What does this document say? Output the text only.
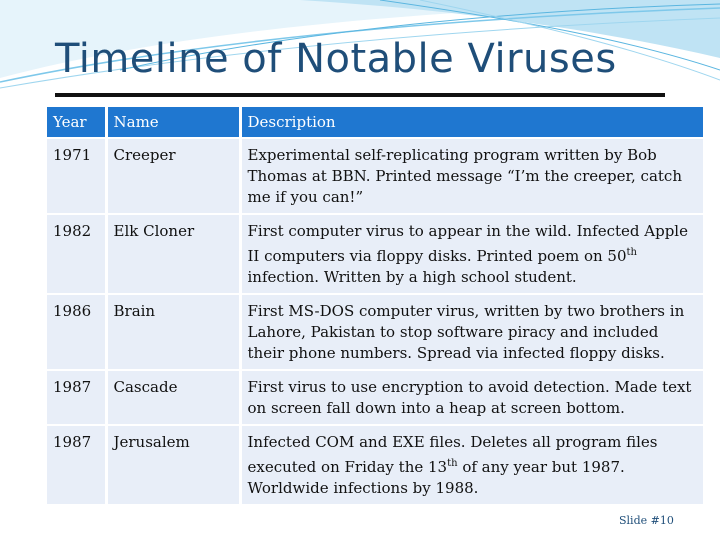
Timeline of Notable Viruses
Year	Name	Description
1971	Creeper	Experimental self-replicating program written by Bob Thomas at BBN. Printed message “I’m the creeper, catch me if you can!”
1982	Elk Cloner	First computer virus to appear in the wild. Infected Apple II computers via floppy disks. Printed poem on 50th infection. Written by a high school student.
1986	Brain	First MS-DOS computer virus, written by two brothers in Lahore, Pakistan to stop software piracy and included their phone numbers. Spread via infected floppy disks.
1987	Cascade	First virus to use encryption to avoid detection. Made text on screen fall down into a heap at screen bottom.
1987	Jerusalem	Infected COM and EXE files. Deletes all program files executed on Friday the 13th of any year but 1987. Worldwide infections by 1988.
Slide #10
